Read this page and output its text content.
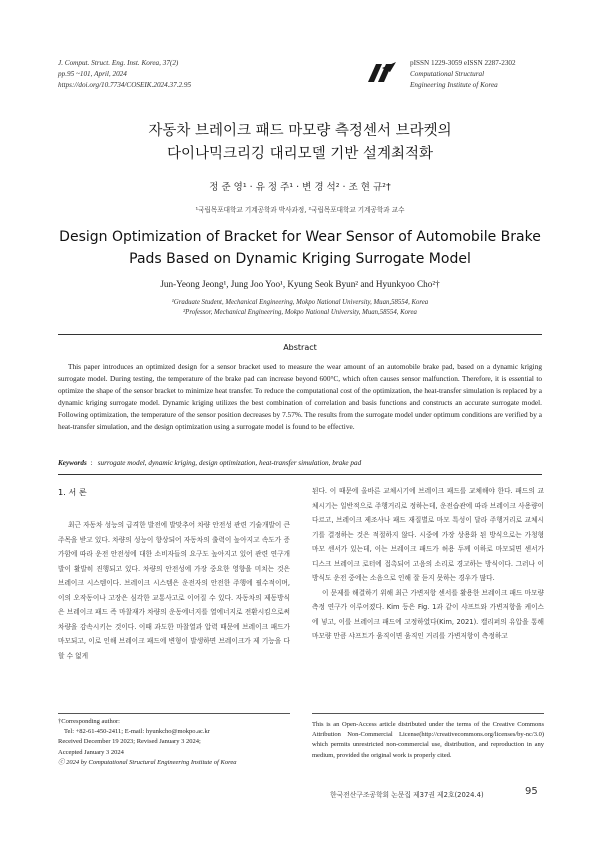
J. Comput. Struct. Eng. Inst. Korea, 37(2)
pp.95 ~101, April, 2024
https://doi.org/10.7734/COSEIK.2024.37.2.95
pISSN 1229-3059 eISSN 2287-2302
Computational Structural
Engineering Institute of Korea
자동차 브레이크 패드 마모량 측정센서 브라켓의
다이나믹크리깅 대리모델 기반 설계최적화
정 준 영¹ · 유 정 주¹ · 변 경 석² · 조 현 규²†
¹국립목포대학교 기계공학과 박사과정, ²국립목포대학교 기계공학과 교수
Design Optimization of Bracket for Wear Sensor of Automobile Brake
Pads Based on Dynamic Kriging Surrogate Model
Jun-Yeong Jeong¹, Jung Joo Yoo¹, Kyung Seok Byun² and Hyunkyoo Cho²†
¹Graduate Student, Mechanical Engineering, Mokpo National University, Muan,58554, Korea
²Professor, Mechanical Engineering, Mokpo National University, Muan,58554, Korea
Abstract

This paper introduces an optimized design for a sensor bracket used to measure the wear amount of an automobile brake pad, based on a dynamic kriging surrogate model. During testing, the temperature of the brake pad can increase beyond 600°C, which often causes sensor malfunction. Therefore, it is essential to optimize the shape of the sensor bracket to minimize heat transfer. To reduce the computational cost of the optimization, the heat-transfer simulation is replaced by a dynamic kriging surrogate model. Dynamic kriging utilizes the best combination of correlation and basis functions and constructs an accurate surrogate model. Following optimization, the temperature of the sensor position decreases by 7.57%. The results from the surrogate model under optimum conditions are verified by a heat-transfer simulation, and the design optimization using a surrogate model is found to be effective.

Keywords  :   surrogate model, dynamic kriging, design optimization, heat-transfer simulation, brake pad
1. 서 론

최근 자동차 성능의 급격한 발전에 발맞추어 차량 안전성 관련 기술개발이 큰 주목을 받고 있다. 차량의 성능이 향상되어 자동차의 출력이 높아지고 속도가 증가함에 따라 운전 안전성에 대한 소비자들의 요구도 높아지고 있어 관련 연구개발이 활발히 진행되고 있다. 차량의 안전성에 가장 중요한 영향을 미치는 것은 브레이크 시스템이다. 브레이크 시스템은 운전자의 안전한 주행에 필수적이며, 이의 오작동이나 고장은 심각한 교통사고로 이어질 수 있다. 자동차의 제동방식은 브레이크 패드 즉 마찰재가 차량의 운동에너지를 열에너지로 전환시킴으로써 차량을 감속시키는 것이다. 이때 과도한 마찰열과 압력 때문에 브레이크 패드가 마모되고, 이로 인해 브레이크 패드에 변형이 발생하면 브레이크가 제 기능을 다할 수 없게

된다. 이 때문에 올바른 교체시기에 브레이크 패드를 교체해야 한다. 패드의 교체시기는 일반적으로 주행거리로 정하는데, 운전습관에 따라 브레이크 사용량이 다르고, 브레이크 제조사나 패드 재질별로 마모 특성이 달라 주행거리로 교체시기를 결정하는 것은 적절하지 않다. 시중에 가장 상용화 된 방식으로는 가청형 마모 센서가 있는데, 이는 브레이크 패드가 허용 두께 이하로 마모되면 센서가 디스크 브레이크 로터에 접촉되어 고음의 소리로 경고하는 방식이다. 그러나 이 방식도 운전 중에는 소음으로 인해 잘 듣지 못하는 경우가 많다.

이 문제를 해결하기 위해 최근 가변저항 센서를 활용한 브레이크 패드 마모량 측정 연구가 이루어졌다. Kim 등은 Fig. 1과 같이 샤프트와 가변저항을 케이스에 넣고, 이를 브레이크 패드에 고정하였다(Kim, 2021). 캘리퍼의 유압을 통해 마모량 만큼 샤프트가 움직이면 움직인 거리를 가변저항이 측정하고

†Corresponding author:
Tel: +82-61-450-2411; E-mail: hyunkcho@mokpo.ac.kr
Received December 19 2023; Revised January 3 2024;
Accepted January 3 2024
ⓒ 2024 by Computational Structural Engineering Institute of Korea

This is an Open-Access article distributed under the terms of the Creative Commons Attribution Non-Commercial License(http://creativecommons.org/licenses/by-nc/3.0) which permits unrestricted non-commercial use, distribution, and reproduction in any medium, provided the original work is properly cited.

한국전산구조공학회 논문집 제37권 제2호(2024.4)	95
